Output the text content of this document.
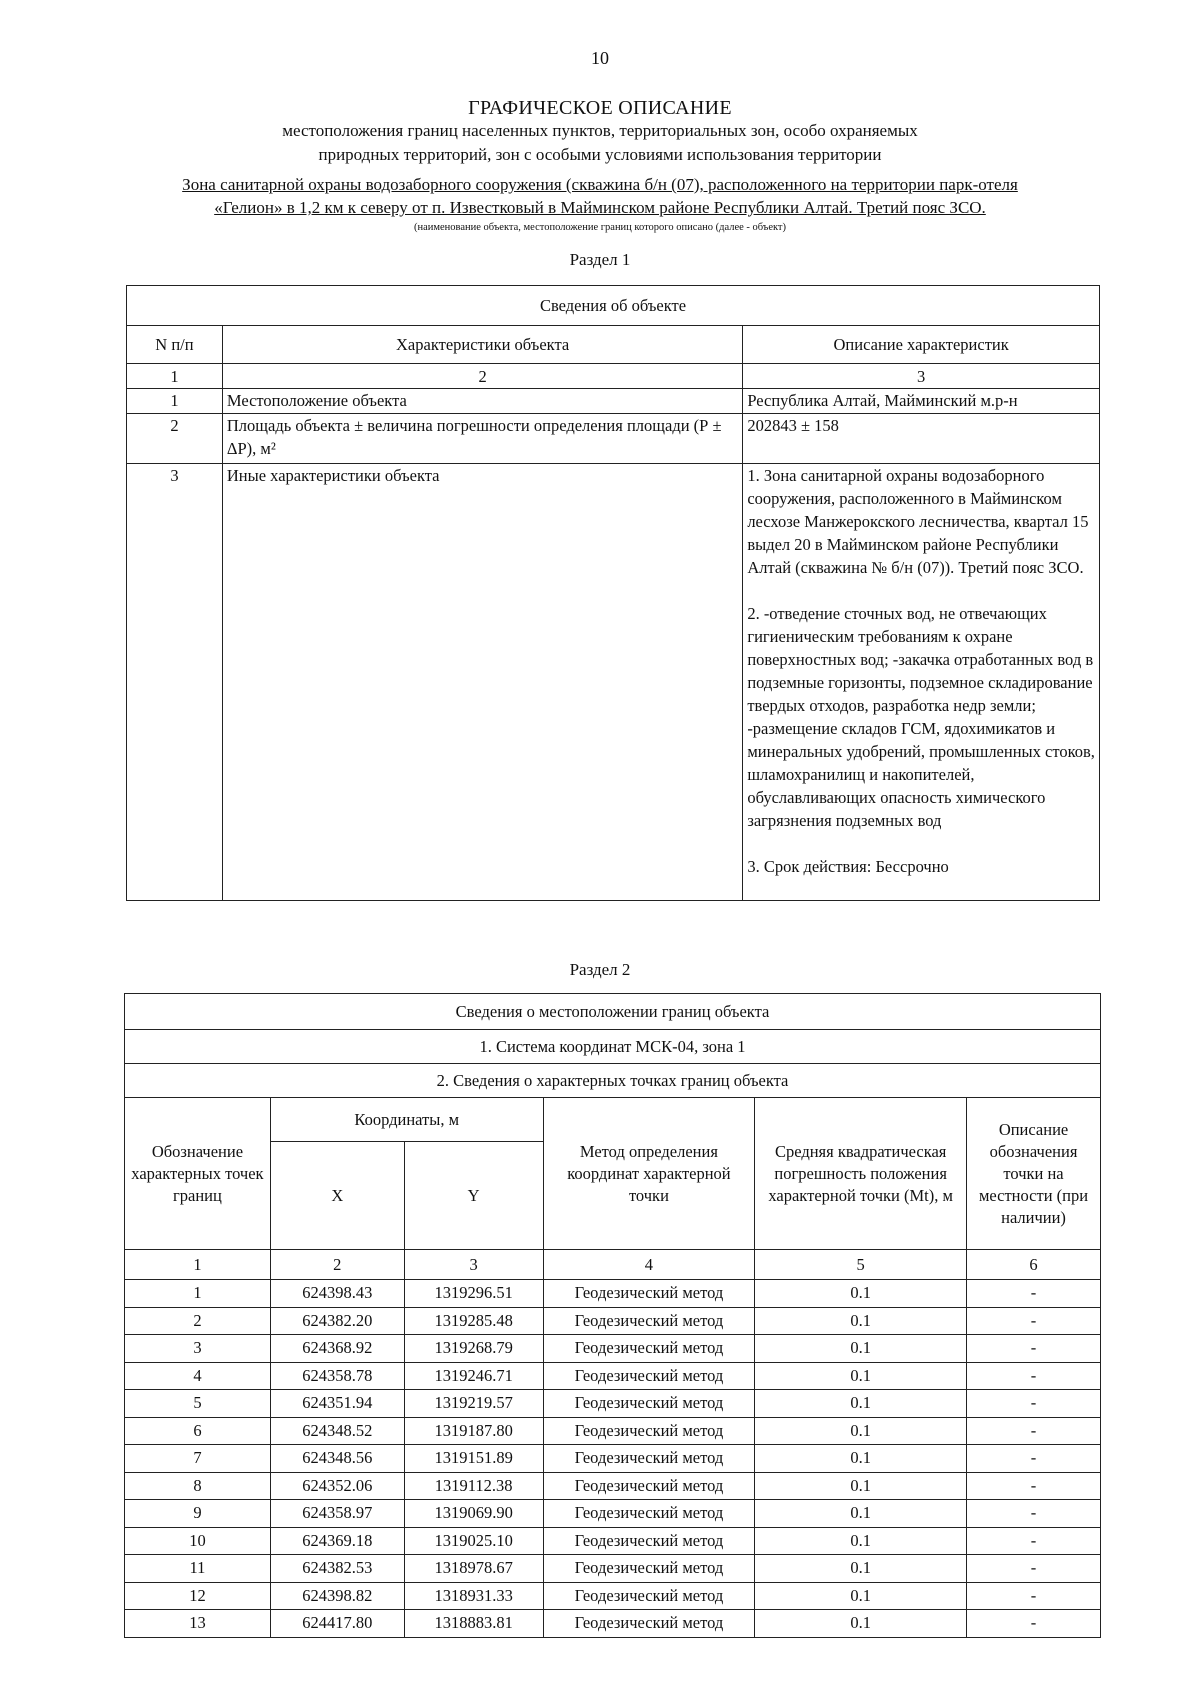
10
ГРАФИЧЕСКОЕ ОПИСАНИЕ
местоположения границ населенных пунктов, территориальных зон, особо охраняемых
природных территорий, зон с особыми условиями использования территории
Зона санитарной охраны водозаборного сооружения (скважина б/н (07), расположенного на территории парк-отеля
«Гелион» в 1,2 км к северу от п. Известковый в Майминском районе Республики Алтай. Третий пояс ЗСО.
(наименование объекта, местоположение границ которого описано (далее - объект)
Раздел 1
Сведения об объекте		
N п/п	Характеристики объекта	Описание характеристик
1	2	3
1	Местоположение объекта	Республика Алтай, Майминский м.р-н
2	Площадь объекта ± величина погрешности определения площади (Р ± ΔР), м²	202843 ± 158
3	Иные характеристики объекта	1. Зона санитарной охраны водозаборного сооружения, расположенного в Майминском лесхозе Манжерокского лесничества, квартал 15 выдел 20 в Майминском районе Республики Алтай (скважина № б/н (07)). Третий пояс ЗСО.

2. -отведение сточных вод, не отвечающих гигиеническим требованиям к охране поверхностных вод; -закачка отработанных вод в подземные горизонты, подземное складирование твердых отходов, разработка недр земли; -размещение складов ГСМ, ядохимикатов и минеральных удобрений, промышленных стоков, шламохранилищ и накопителей, обуславливающих опасность химического загрязнения подземных вод

3. Срок действия: Бессрочно

Раздел 2
Сведения о местоположении границ объекта					
1. Система координат МСК-04, зона 1					
2. Сведения о характерных точках границ объекта					
Обозначение характерных точек границ	Координаты, м		Метод определения координат характерной точки	Средняя квадратическая погрешность положения характерной точки (Mt), м	Описание обозначения точки на местности (при наличии)
	X	Y			
1	2	3	4	5	6
1	624398.43	1319296.51	Геодезический метод	0.1	-
2	624382.20	1319285.48	Геодезический метод	0.1	-
3	624368.92	1319268.79	Геодезический метод	0.1	-
4	624358.78	1319246.71	Геодезический метод	0.1	-
5	624351.94	1319219.57	Геодезический метод	0.1	-
6	624348.52	1319187.80	Геодезический метод	0.1	-
7	624348.56	1319151.89	Геодезический метод	0.1	-
8	624352.06	1319112.38	Геодезический метод	0.1	-
9	624358.97	1319069.90	Геодезический метод	0.1	-
10	624369.18	1319025.10	Геодезический метод	0.1	-
11	624382.53	1318978.67	Геодезический метод	0.1	-
12	624398.82	1318931.33	Геодезический метод	0.1	-
13	624417.80	1318883.81	Геодезический метод	0.1	-
